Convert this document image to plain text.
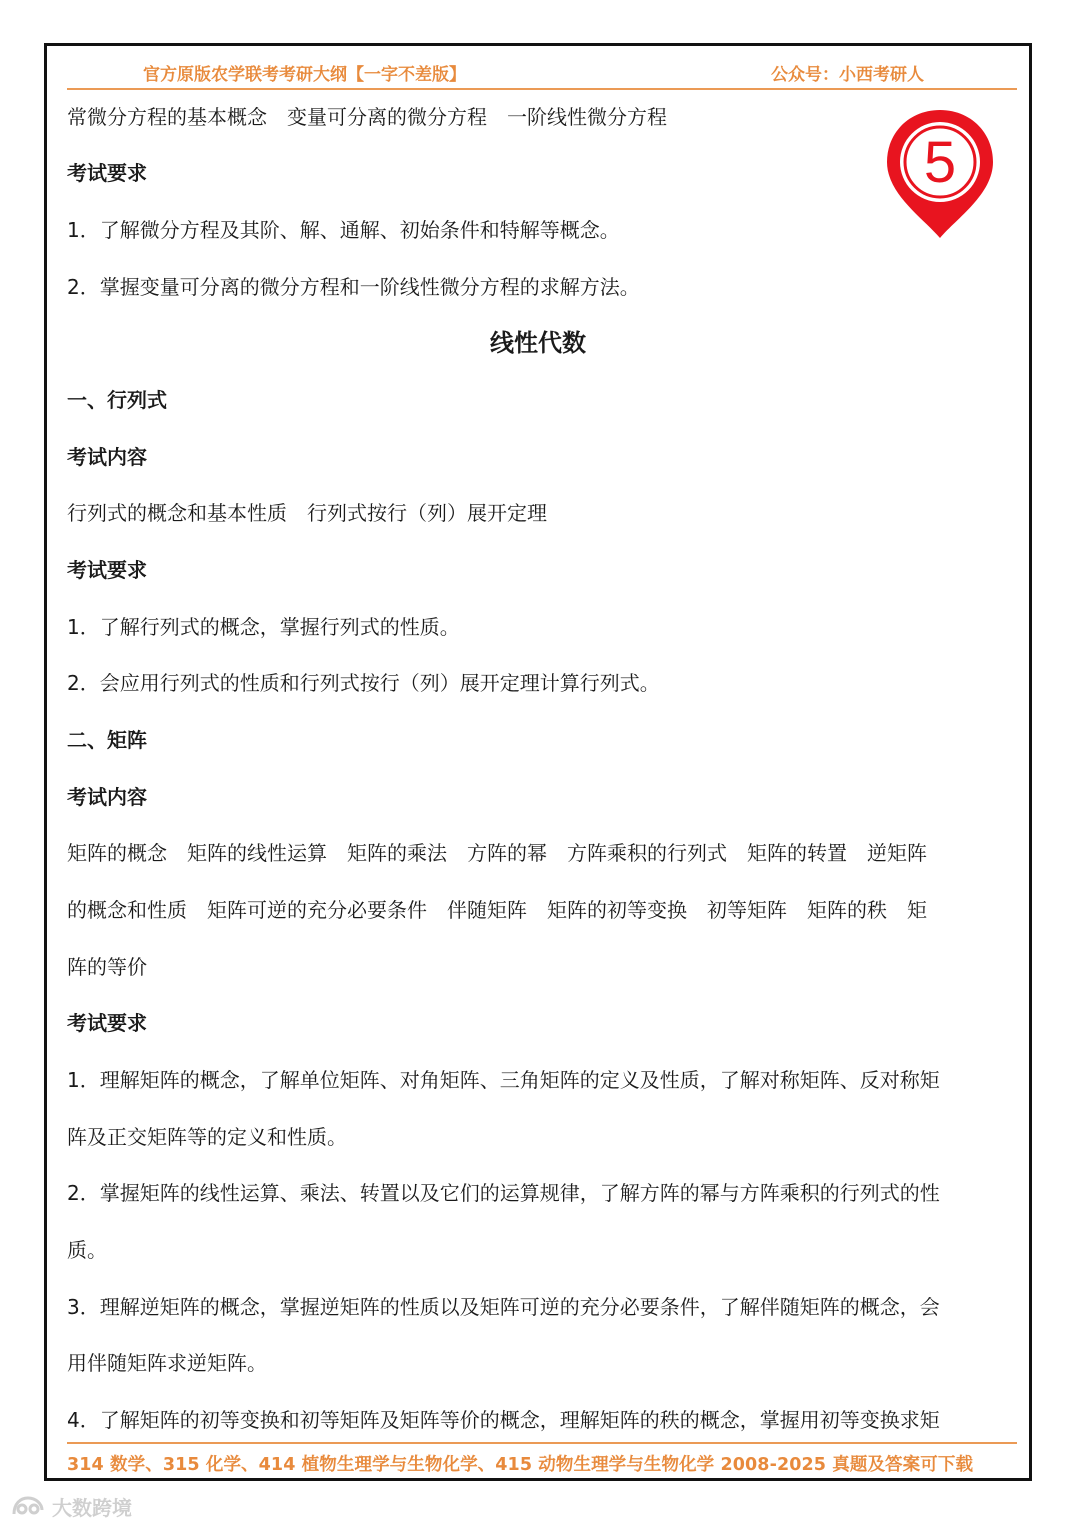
官方原版农学联考考研大纲【一字不差版】	公众号：小西考研人
5
常微分方程的基本概念　变量可分离的微分方程　一阶线性微分方程
考试要求
1．了解微分方程及其阶、解、通解、初始条件和特解等概念。
2．掌握变量可分离的微分方程和一阶线性微分方程的求解方法。
线性代数
一、行列式
考试内容
行列式的概念和基本性质　行列式按行（列）展开定理
考试要求
1．了解行列式的概念，掌握行列式的性质。
2．会应用行列式的性质和行列式按行（列）展开定理计算行列式。
二、矩阵
考试内容
矩阵的概念　矩阵的线性运算　矩阵的乘法　方阵的幂　方阵乘积的行列式　矩阵的转置　逆矩阵
的概念和性质　矩阵可逆的充分必要条件　伴随矩阵　矩阵的初等变换　初等矩阵　矩阵的秩　矩
阵的等价
考试要求
1．理解矩阵的概念，了解单位矩阵、对角矩阵、三角矩阵的定义及性质，了解对称矩阵、反对称矩
阵及正交矩阵等的定义和性质。
2．掌握矩阵的线性运算、乘法、转置以及它们的运算规律，了解方阵的幂与方阵乘积的行列式的性
质。
3．理解逆矩阵的概念，掌握逆矩阵的性质以及矩阵可逆的充分必要条件，了解伴随矩阵的概念，会
用伴随矩阵求逆矩阵。
4．了解矩阵的初等变换和初等矩阵及矩阵等价的概念，理解矩阵的秩的概念，掌握用初等变换求矩
314 数学、315 化学、414 植物生理学与生物化学、415 动物生理学与生物化学 2008-2025 真题及答案可下载
大数跨境
